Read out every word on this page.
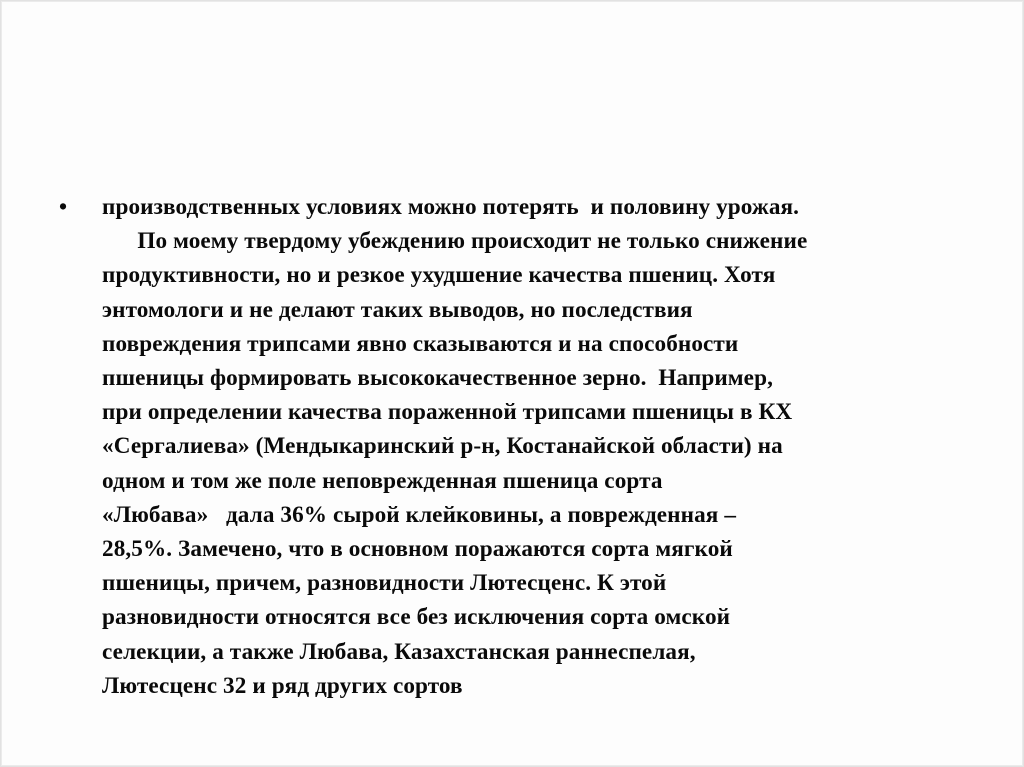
• производственных условиях можно потерять  и половину урожая.
По моему твердому убеждению происходит не только снижение
продуктивности, но и резкое ухудшение качества пшениц. Хотя
энтомологи и не делают таких выводов, но последствия
повреждения трипсами явно сказываются и на способности
пшеницы формировать высококачественное зерно.  Например,
при определении качества пораженной трипсами пшеницы в КХ
«Сергалиева» (Мендыкаринский р-н, Костанайской области) на
одном и том же поле неповрежденная пшеница сорта
«Любава»   дала 36% сырой клейковины, а поврежденная –
28,5%. Замечено, что в основном поражаются сорта мягкой
пшеницы, причем, разновидности Лютесценс. К этой
разновидности относятся все без исключения сорта омской
селекции, а также Любава, Казахстанская раннеспелая,
Лютесценс 32 и ряд других сортов
